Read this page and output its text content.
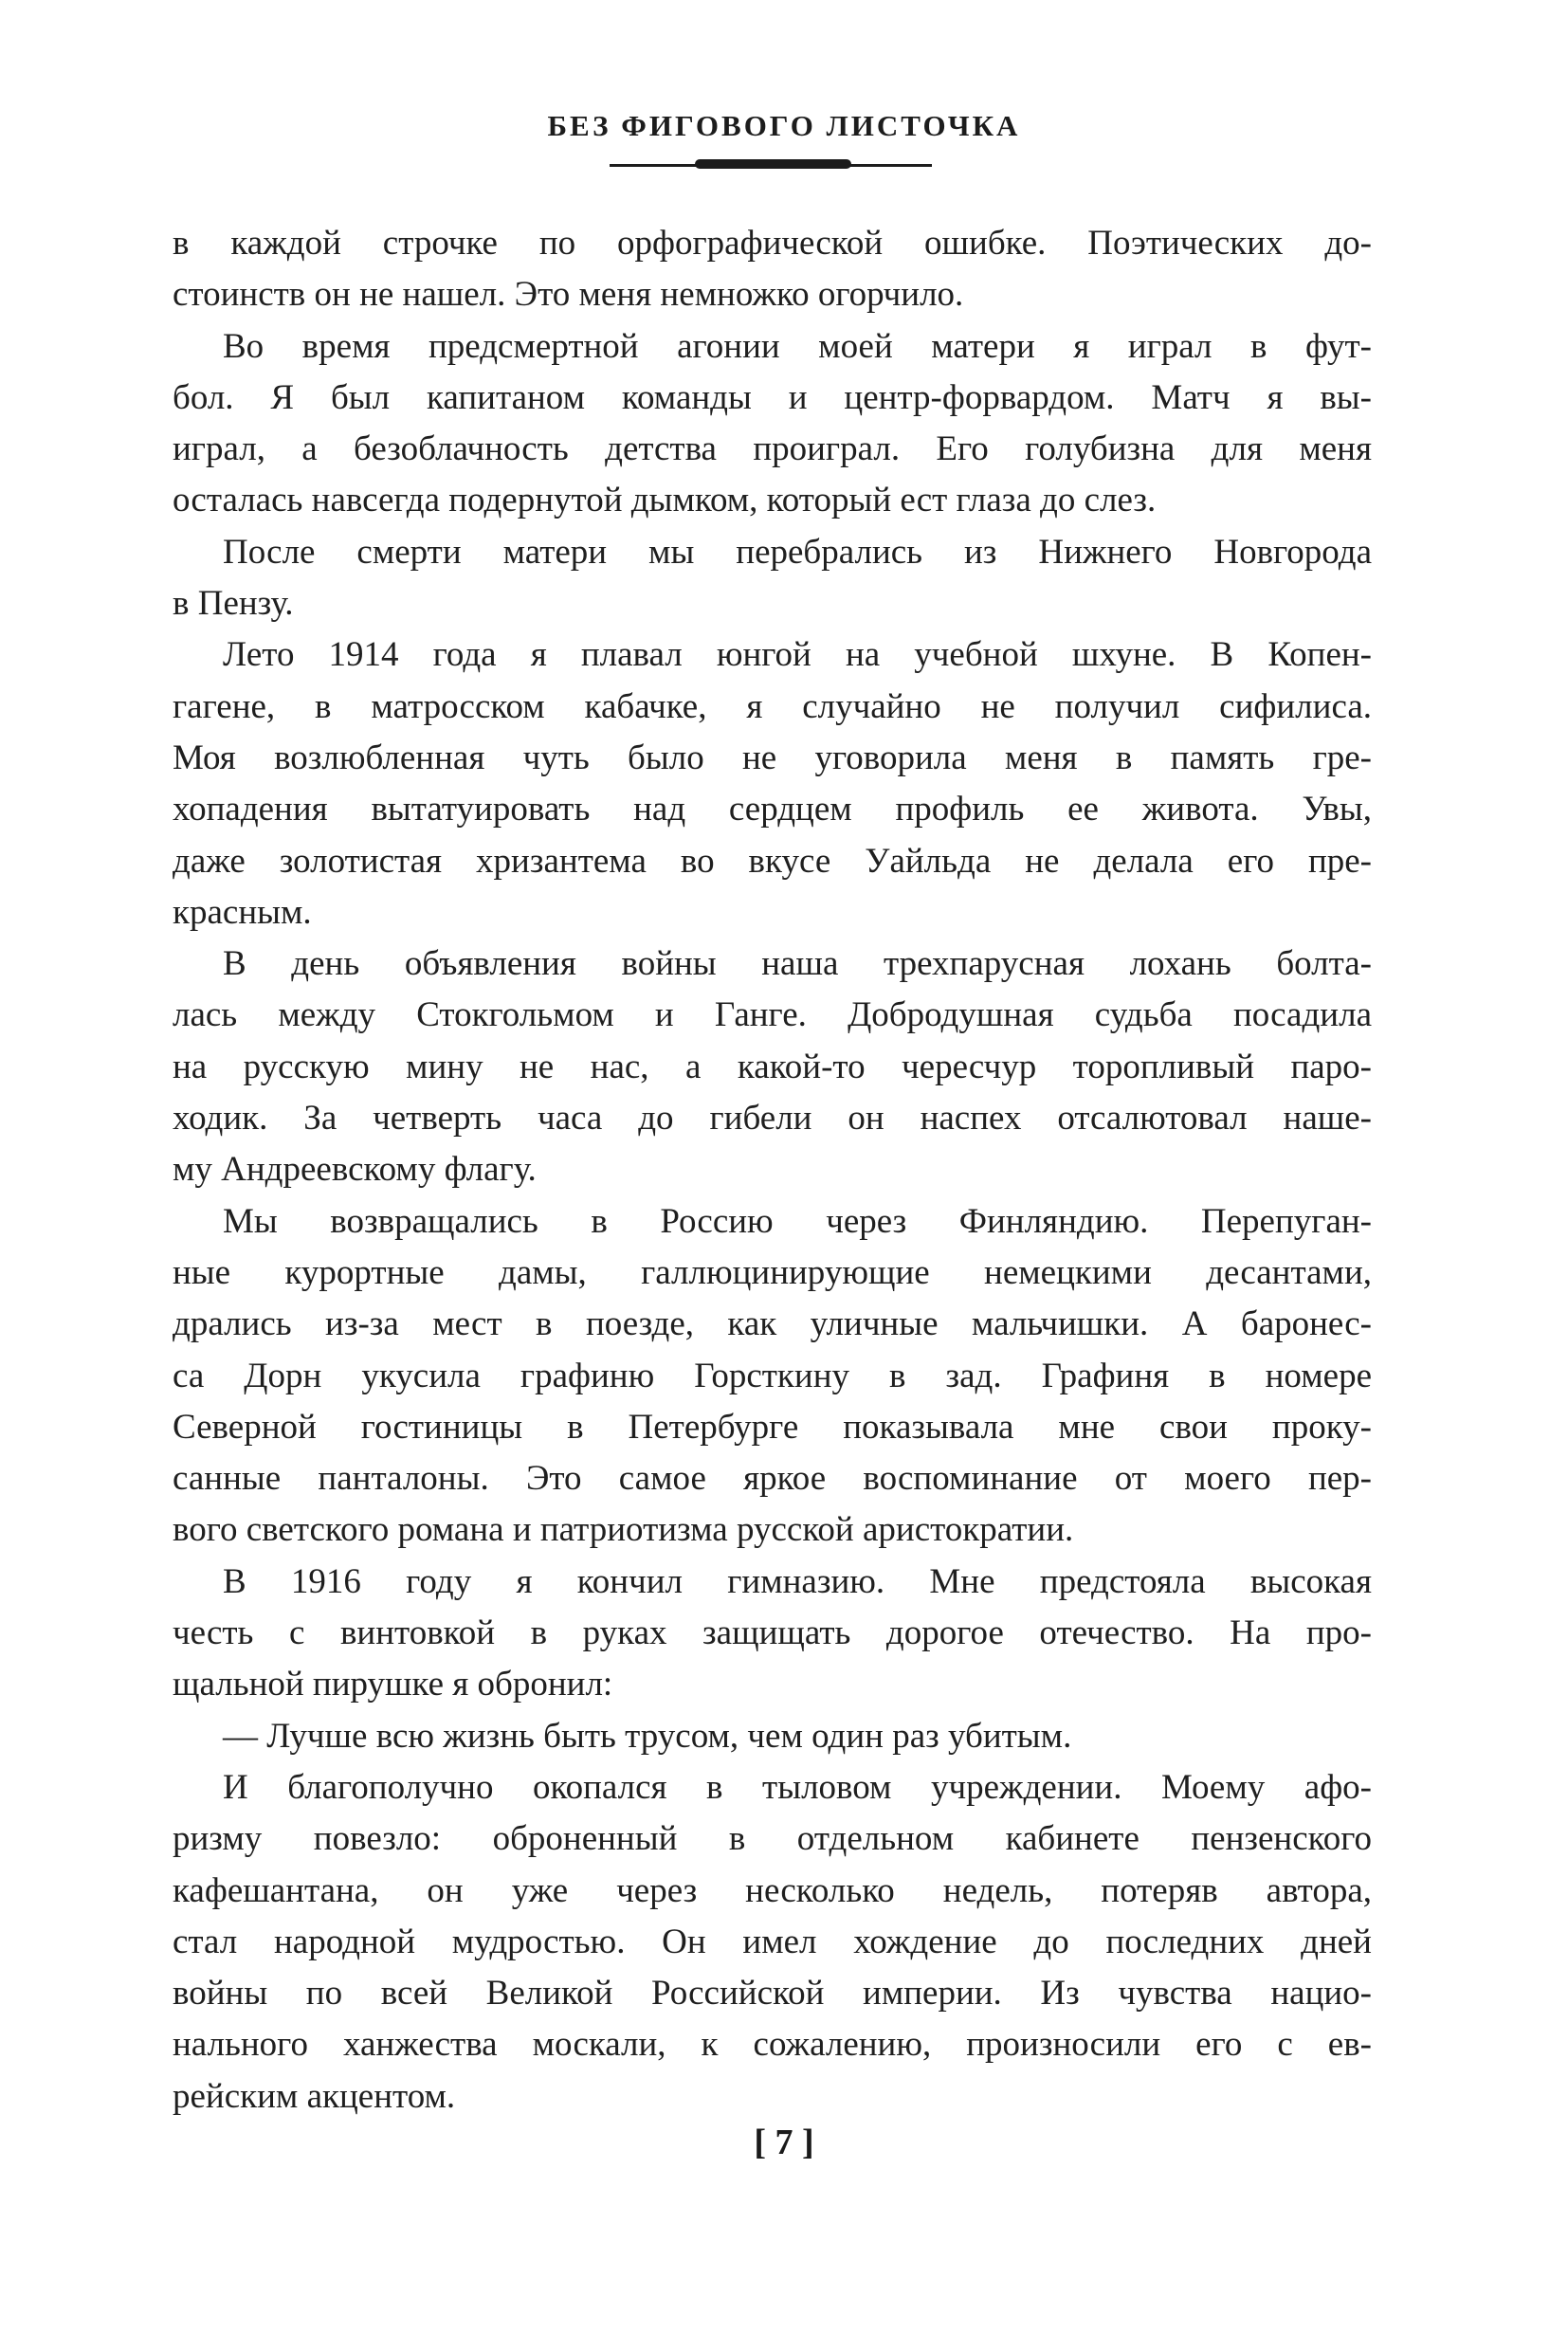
БЕЗ ФИГОВОГО ЛИСТОЧКА
в каждой строчке по орфографической ошибке. Поэтических до-
стоинств он не нашел. Это меня немножко огорчило.
Во время предсмертной агонии моей матери я играл в фут-
бол. Я был капитаном команды и центр-форвардом. Матч я вы-
играл, а безоблачность детства проиграл. Его голубизна для меня
осталась навсегда подернутой дымком, который ест глаза до слез.
После смерти матери мы перебрались из Нижнего Новгорода
в Пензу.
Лето 1914 года я плавал юнгой на учебной шхуне. В Копен-
гагене, в матросском кабачке, я случайно не получил сифилиса.
Моя возлюбленная чуть было не уговорила меня в память гре-
хопадения вытатуировать над сердцем профиль ее живота. Увы,
даже золотистая хризантема во вкусе Уайльда не делала его пре-
красным.
В день объявления войны наша трехпарусная лохань болта-
лась между Стокгольмом и Ганге. Добродушная судьба посадила
на русскую мину не нас, а какой-то чересчур торопливый паро-
ходик. За четверть часа до гибели он наспех отсалютовал наше-
му Андреевскому флагу.
Мы возвращались в Россию через Финляндию. Перепуган-
ные курортные дамы, галлюцинирующие немецкими десантами,
дрались из-за мест в поезде, как уличные мальчишки. А баронес-
са Дорн укусила графиню Горсткину в зад. Графиня в номере
Северной гостиницы в Петербурге показывала мне свои проку-
санные панталоны. Это самое яркое воспоминание от моего пер-
вого светского романа и патриотизма русской аристократии.
В 1916 году я кончил гимназию. Мне предстояла высокая
честь с винтовкой в руках защищать дорогое отечество. На про-
щальной пирушке я обронил:
— Лучше всю жизнь быть трусом, чем один раз убитым.
И благополучно окопался в тыловом учреждении. Моему афо-
ризму повезло: оброненный в отдельном кабинете пензенского
кафешантана, он уже через несколько недель, потеряв автора,
стал народной мудростью. Он имел хождение до последних дней
войны по всей Великой Российской империи. Из чувства нацио-
нального ханжества москали, к сожалению, произносили его с ев-
рейским акцентом.
[ 7 ]
